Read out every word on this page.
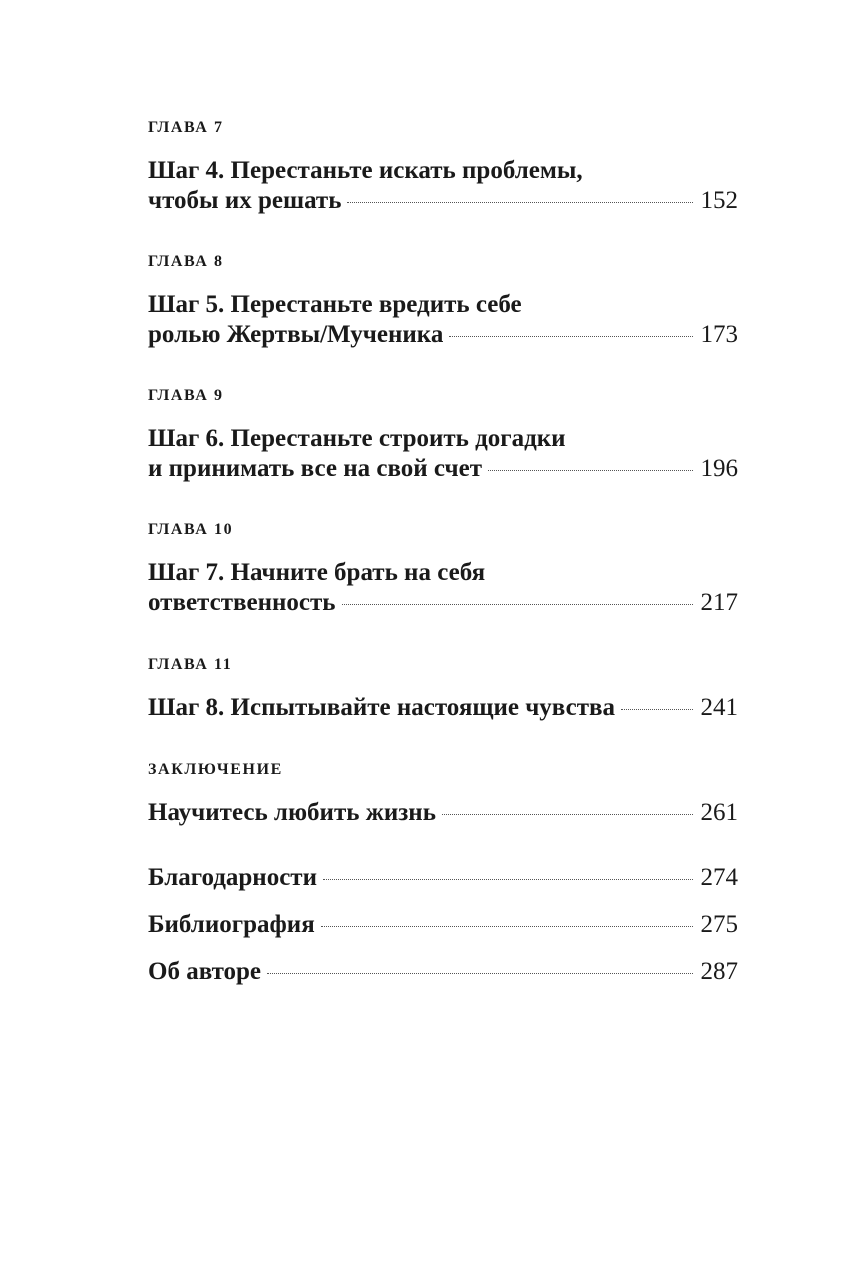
ГЛАВА 7

Шаг 4. Перестаньте искать проблемы,

чтобы их решать	152

ГЛАВА 8

Шаг 5. Перестаньте вредить себе

ролью Жертвы/Мученика	173

ГЛАВА 9

Шаг 6. Перестаньте строить догадки

и принимать все на свой счет	196

ГЛАВА 10

Шаг 7. Начните брать на себя

ответственность	217

ГЛАВА 11

Шаг 8. Испытывайте настоящие чувства	241

ЗАКЛЮЧЕНИЕ

Научитесь любить жизнь	261
Благодарности	274
Библиография	275
Об авторе	287
